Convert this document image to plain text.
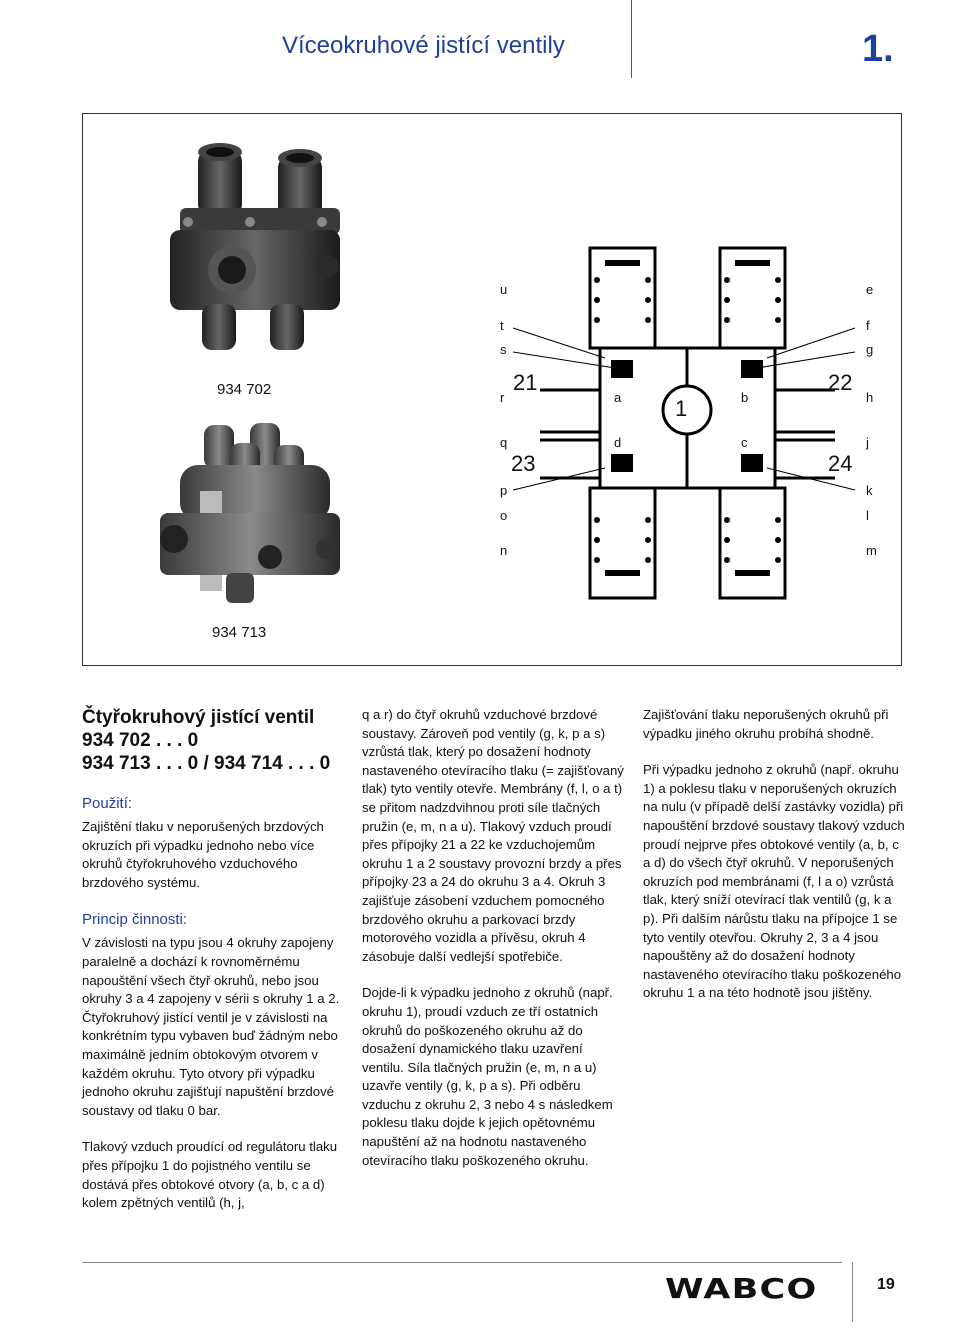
Víceokruhové jistící ventily	1.
934 702
934 713
u
t
s
r
q
p
o
n
e
f
g
h
j
k
l
m
21	22
23	24
1
a	b
d	c
Čtyřokruhový jistící ventil
934 702 . . . 0
934 713 . . . 0 / 934 714 . . . 0
Použití:

Zajištění tlaku v neporušených brzdových okruzích při výpadku jednoho nebo více okruhů čtyřokruhového vzduchového brzdového systému.

Princip činnosti:

V závislosti na typu jsou 4 okruhy zapojeny paralelně a dochází k rovnoměrnému napouštění všech čtyř okruhů, nebo jsou okruhy 3 a 4 zapojeny v sérii s okruhy 1 a 2. Čtyřokruhový jistící ventil je v závislosti na konkrétním typu vybaven buď žádným nebo maximálně jedním obtokovým otvorem v každém okruhu. Tyto otvory při výpadku jednoho okruhu zajišťují napuštění brzdové soustavy od tlaku 0 bar.

Tlakový vzduch proudící od regulátoru tlaku přes přípojku 1 do pojistného ventilu se dostává přes obtokové otvory (a, b, c a d) kolem zpětných ventilů (h, j,

q a r) do čtyř okruhů vzduchové brzdové soustavy. Zároveň pod ventily (g, k, p a s) vzrůstá tlak, který po dosažení hodnoty nastaveného otevíracího tlaku (= zajišťovaný tlak) tyto ventily otevře. Membrány (f, l, o a t) se přitom nadzdvihnou proti síle tlačných pružin (e, m, n a u). Tlakový vzduch proudí přes přípojky 21 a 22 ke vzduchojemům okruhu 1 a 2 soustavy provozní brzdy a přes přípojky 23 a 24 do okruhu 3 a 4. Okruh 3 zajišťuje zásobení vzduchem pomocného brzdového okruhu a parkovací brzdy motorového vozidla a přívěsu, okruh 4 zásobuje další vedlejší spotřebiče.

Dojde-li k výpadku jednoho z okruhů (např. okruhu 1), proudí vzduch ze tří ostatních okruhů do poškozeného okruhu až do dosažení dynamického tlaku uzavření ventilu. Síla tlačných pružin (e, m, n a u) uzavře ventily (g, k, p a s). Při odběru vzduchu z okruhu 2, 3 nebo 4 s následkem poklesu tlaku dojde k jejich opětovnému napuštění až na hodnotu nastaveného otevíracího tlaku poškozeného okruhu.

Zajišťování tlaku neporušených okruhů při výpadku jiného okruhu probíhá shodně.

Při výpadku jednoho z okruhů (např. okruhu 1) a poklesu tlaku v neporušených okruzích na nulu (v případě delší zastávky vozidla) při napouštění brzdové soustavy tlakový vzduch proudí nejprve přes obtokové ventily (a, b, c a d) do všech čtyř okruhů. V neporušených okruzích pod membránami (f, l a o) vzrůstá tlak, který sníží otevírací tlak ventilů (g, k a p). Při dalším nárůstu tlaku na přípojce 1 se tyto ventily otevřou. Okruhy 2, 3 a 4 jsou napouštěny až do dosažení hodnoty nastaveného otevíracího tlaku poškozeného okruhu 1 a na této hodnotě jsou jištěny.

WABCO	19
